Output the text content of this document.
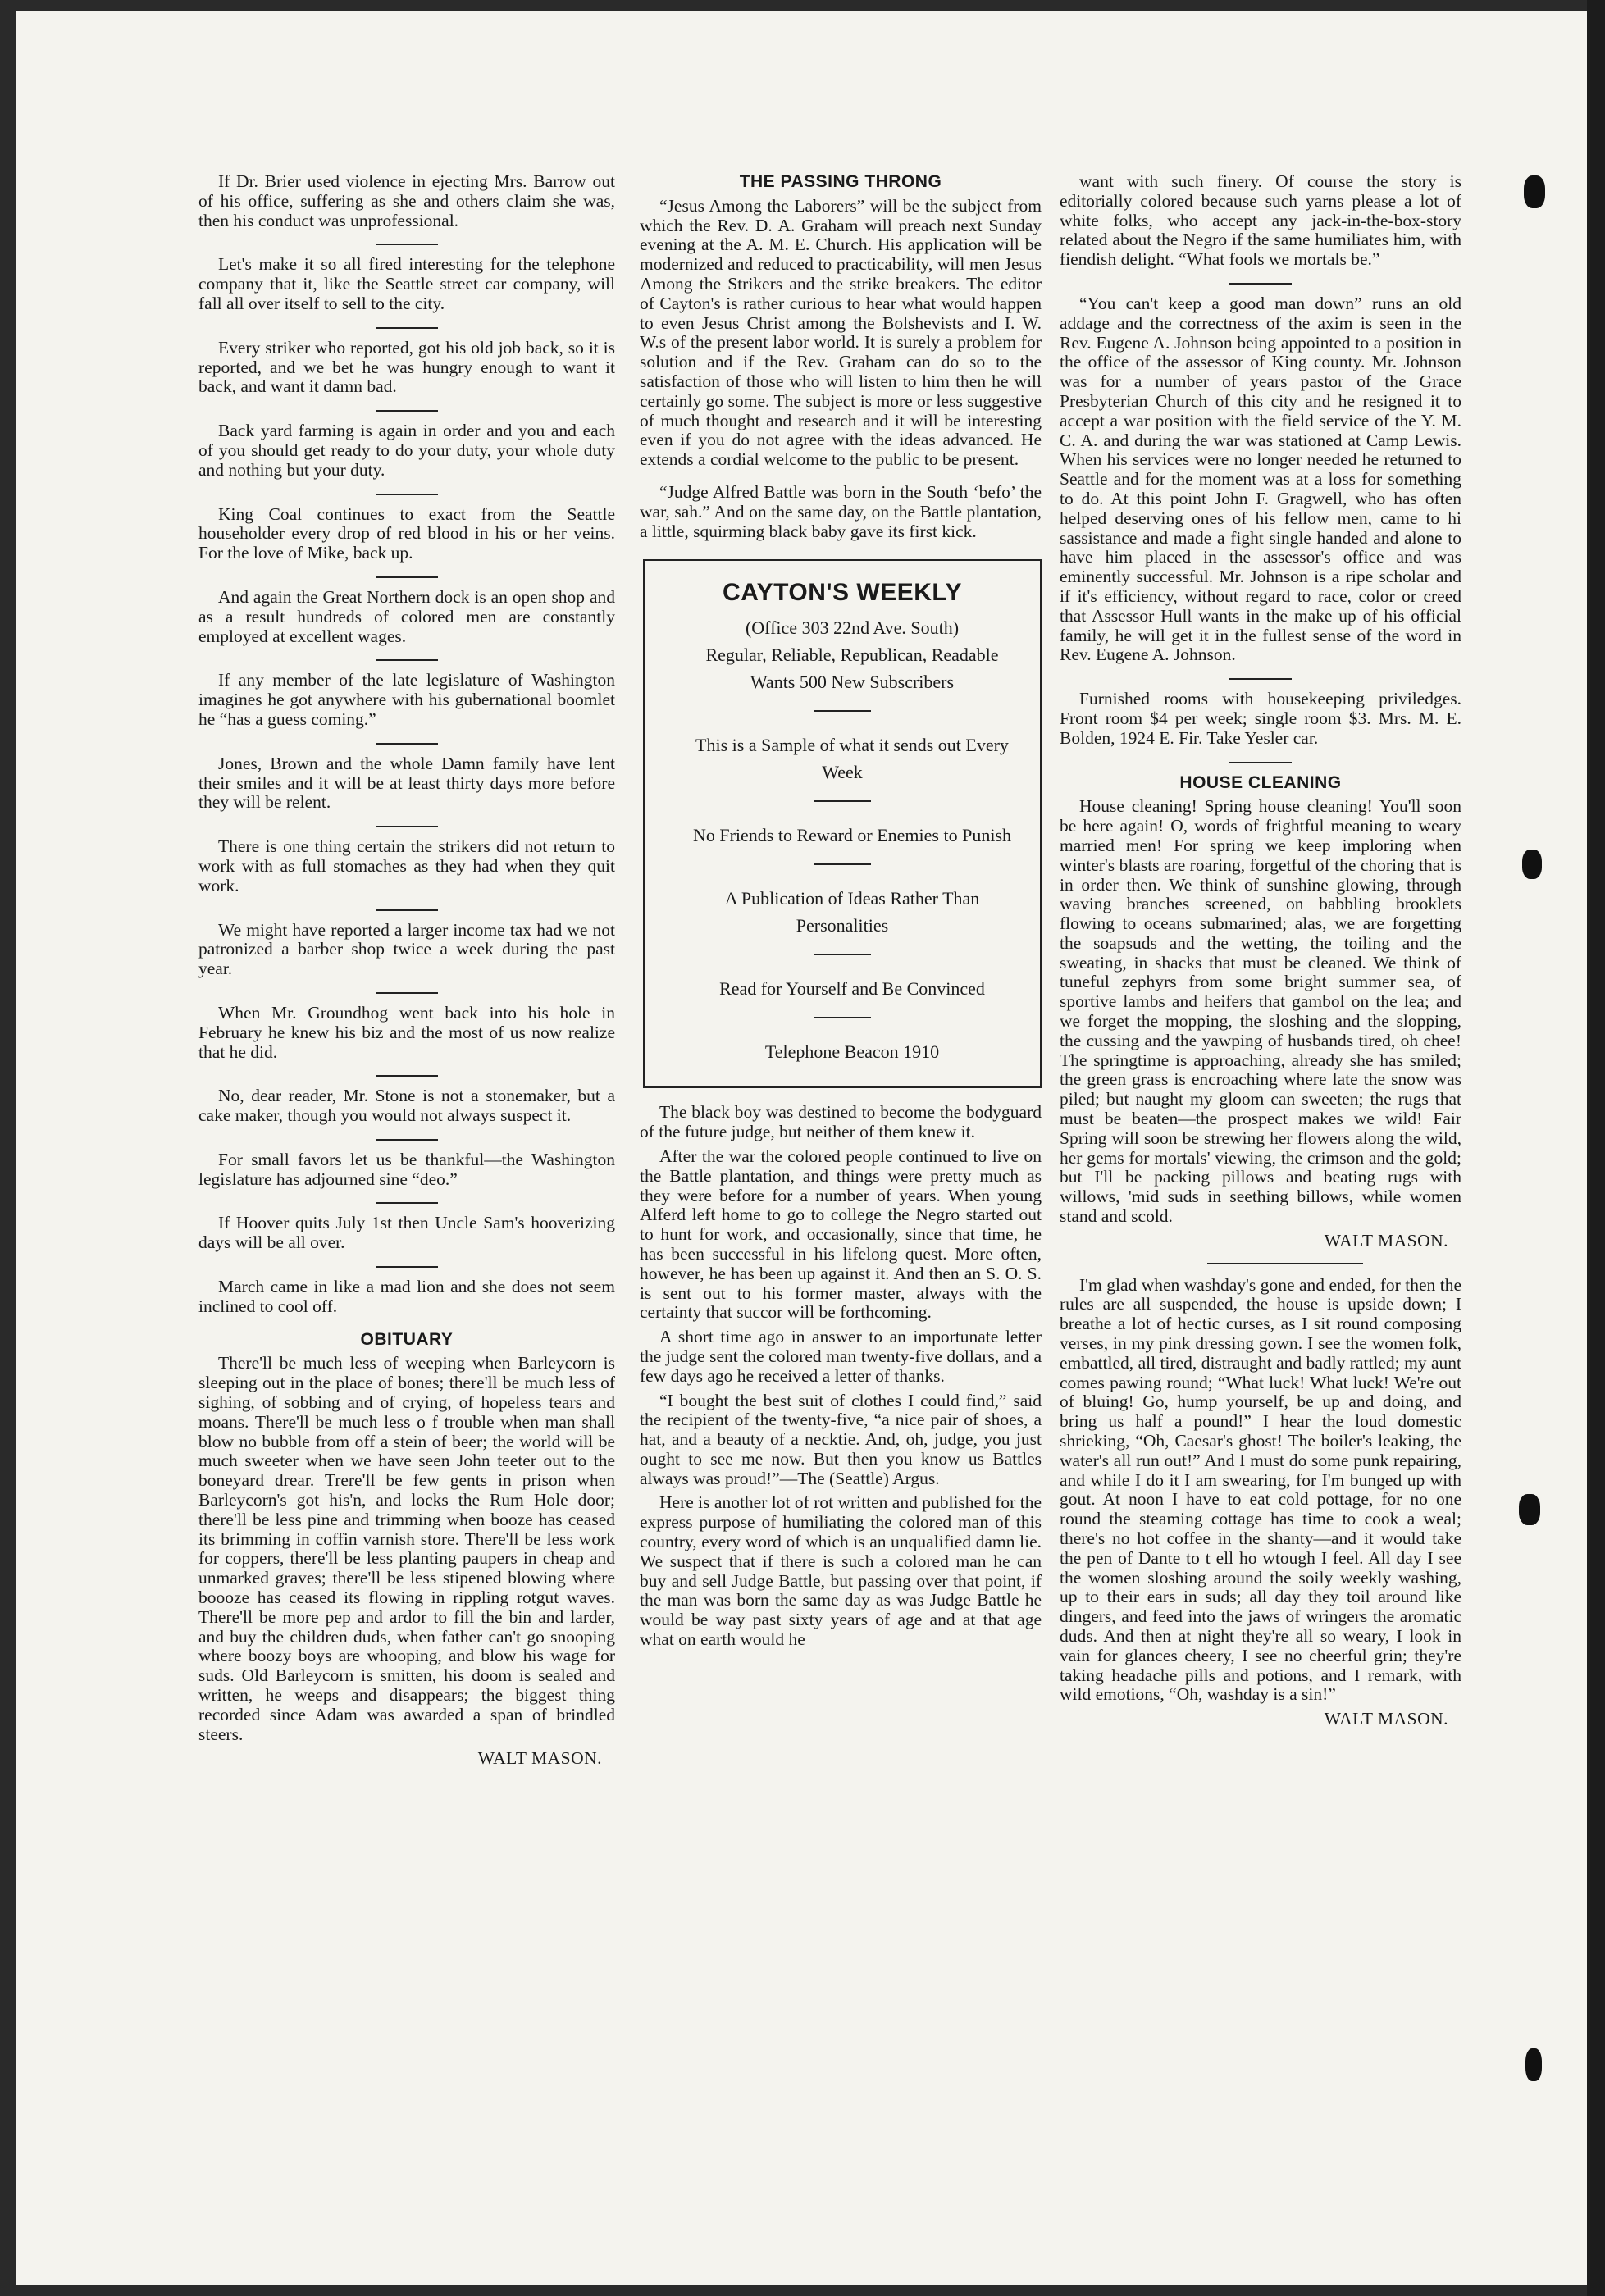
If Dr. Brier used violence in ejecting Mrs. Barrow out of his office, suffering as she and others claim she was, then his conduct was unprofessional.

Let's make it so all fired interesting for the telephone company that it, like the Seattle street car company, will fall all over itself to sell to the city.

Every striker who reported, got his old job back, so it is reported, and we bet he was hungry enough to want it back, and want it damn bad.

Back yard farming is again in order and you and each of you should get ready to do your duty, your whole duty and nothing but your duty.

King Coal continues to exact from the Seattle householder every drop of red blood in his or her veins. For the love of Mike, back up.

And again the Great Northern dock is an open shop and as a result hundreds of colored men are constantly employed at excellent wages.

If any member of the late legislature of Washington imagines he got anywhere with his gubernational boomlet he “has a guess coming.”

Jones, Brown and the whole Damn family have lent their smiles and it will be at least thirty days more before they will be relent.

There is one thing certain the strikers did not return to work with as full stomaches as they had when they quit work.

We might have reported a larger income tax had we not patronized a barber shop twice a week during the past year.

When Mr. Groundhog went back into his hole in February he knew his biz and the most of us now realize that he did.

No, dear reader, Mr. Stone is not a stonemaker, but a cake maker, though you would not always suspect it.

For small favors let us be thankful—the Washington legislature has adjourned sine “deo.”

If Hoover quits July 1st then Uncle Sam's hooverizing days will be all over.

March came in like a mad lion and she does not seem inclined to cool off.

OBITUARY

There'll be much less of weeping when Barleycorn is sleeping out in the place of bones; there'll be much less of sighing, of sobbing and of crying, of hopeless tears and moans. There'll be much less o f trouble when man shall blow no bubble from off a stein of beer; the world will be much sweeter when we have seen John teeter out to the boneyard drear. Trere'll be few gents in prison when Barleycorn's got his'n, and locks the Rum Hole door; there'll be less pine and trimming when booze has ceased its brimming in coffin varnish store. There'll be less work for coppers, there'll be less planting paupers in cheap and unmarked graves; there'll be less stipened blowing where boooze has ceased its flowing in rippling rotgut waves. There'll be more pep and ardor to fill the bin and larder, and buy the children duds, when father can't go snooping where boozy boys are whooping, and blow his wage for suds. Old Barleycorn is smitten, his doom is sealed and written, he weeps and disappears; the biggest thing recorded since Adam was awarded a span of brindled steers.

WALT MASON.
THE PASSING THRONG

“Jesus Among the Laborers” will be the subject from which the Rev. D. A. Graham will preach next Sunday evening at the A. M. E. Church. His application will be modernized and reduced to practicability, will men Jesus Among the Strikers and the strike breakers. The editor of Cayton's is rather curious to hear what would happen to even Jesus Christ among the Bolshevists and I. W. W.s of the present labor world. It is surely a problem for solution and if the Rev. Graham can do so to the satisfaction of those who will listen to him then he will certainly go some. The subject is more or less suggestive of much thought and research and it will be interesting even if you do not agree with the ideas advanced. He extends a cordial welcome to the public to be present.

“Judge Alfred Battle was born in the South ‘befo’ the war, sah.” And on the same day, on the Battle plantation, a little, squirming black baby gave its first kick.

CAYTON'S WEEKLY

(Office 303 22nd Ave. South)

Regular, Reliable, Republican, Readable

Wants 500 New Subscribers

This is a Sample of what it sends out Every Week

No Friends to Reward or Enemies to Punish

A Publication of Ideas Rather Than Personalities

Read for Yourself and Be Convinced

Telephone Beacon 1910

The black boy was destined to become the bodyguard of the future judge, but neither of them knew it.

After the war the colored people continued to live on the Battle plantation, and things were pretty much as they were before for a number of years. When young Alferd left home to go to college the Negro started out to hunt for work, and occasionally, since that time, he has been successful in his lifelong quest. More often, however, he has been up against it. And then an S. O. S. is sent out to his former master, always with the certainty that succor will be forthcoming.

A short time ago in answer to an importunate letter the judge sent the colored man twenty-five dollars, and a few days ago he received a letter of thanks.

“I bought the best suit of clothes I could find,” said the recipient of the twenty-five, “a nice pair of shoes, a hat, and a beauty of a necktie. And, oh, judge, you just ought to see me now. But then you know us Battles always was proud!”—The (Seattle) Argus.

Here is another lot of rot written and published for the express purpose of humiliating the colored man of this country, every word of which is an unqualified damn lie. We suspect that if there is such a colored man he can buy and sell Judge Battle, but passing over that point, if the man was born the same day as was Judge Battle he would be way past sixty years of age and at that age what on earth would he

want with such finery. Of course the story is editorially colored because such yarns please a lot of white folks, who accept any jack-in-the-box-story related about the Negro if the same humiliates him, with fiendish delight. “What fools we mortals be.”

“You can't keep a good man down” runs an old addage and the correctness of the axim is seen in the Rev. Eugene A. Johnson being appointed to a position in the office of the assessor of King county. Mr. Johnson was for a number of years pastor of the Grace Presbyterian Church of this city and he resigned it to accept a war position with the field service of the Y. M. C. A. and during the war was stationed at Camp Lewis. When his services were no longer needed he returned to Seattle and for the moment was at a loss for something to do. At this point John F. Gragwell, who has often helped deserving ones of his fellow men, came to hi sassistance and made a fight single handed and alone to have him placed in the assessor's office and was eminently successful. Mr. Johnson is a ripe scholar and if it's efficiency, without regard to race, color or creed that Assessor Hull wants in the make up of his official family, he will get it in the fullest sense of the word in Rev. Eugene A. Johnson.

Furnished rooms with housekeeping priviledges. Front room $4 per week; single room $3. Mrs. M. E. Bolden, 1924 E. Fir. Take Yesler car.

HOUSE CLEANING

House cleaning! Spring house cleaning! You'll soon be here again! O, words of frightful meaning to weary married men! For spring we keep imploring when winter's blasts are roaring, forgetful of the choring that is in order then. We think of sunshine glowing, through waving branches screened, on babbling brooklets flowing to oceans submarined; alas, we are forgetting the soapsuds and the wetting, the toiling and the sweating, in shacks that must be cleaned. We think of tuneful zephyrs from some bright summer sea, of sportive lambs and heifers that gambol on the lea; and we forget the mopping, the sloshing and the slopping, the cussing and the yawping of husbands tired, oh chee! The springtime is approaching, already she has smiled; the green grass is encroaching where late the snow was piled; but naught my gloom can sweeten; the rugs that must be beaten—the prospect makes we wild! Fair Spring will soon be strewing her flowers along the wild, her gems for mortals' viewing, the crimson and the gold; but I'll be packing pillows and beating rugs with willows, 'mid suds in seething billows, while women stand and scold.

WALT MASON.

I'm glad when washday's gone and ended, for then the rules are all suspended, the house is upside down; I breathe a lot of hectic curses, as I sit round composing verses, in my pink dressing gown. I see the women folk, embattled, all tired, distraught and badly rattled; my aunt comes pawing round; “What luck! What luck! We're out of bluing! Go, hump yourself, be up and doing, and bring us half a pound!” I hear the loud domestic shrieking, “Oh, Caesar's ghost! The boiler's leaking, the water's all run out!” And I must do some punk repairing, and while I do it I am swearing, for I'm bunged up with gout. At noon I have to eat cold pottage, for no one round the steaming cottage has time to cook a weal; there's no hot coffee in the shanty—and it would take the pen of Dante to t ell ho wtough I feel. All day I see the women sloshing around the soily weekly washing, up to their ears in suds; all day they toil around like dingers, and feed into the jaws of wringers the aromatic duds. And then at night they're all so weary, I look in vain for glances cheery, I see no cheerful grin; they're taking headache pills and potions, and I remark, with wild emotions, “Oh, washday is a sin!”

WALT MASON.
